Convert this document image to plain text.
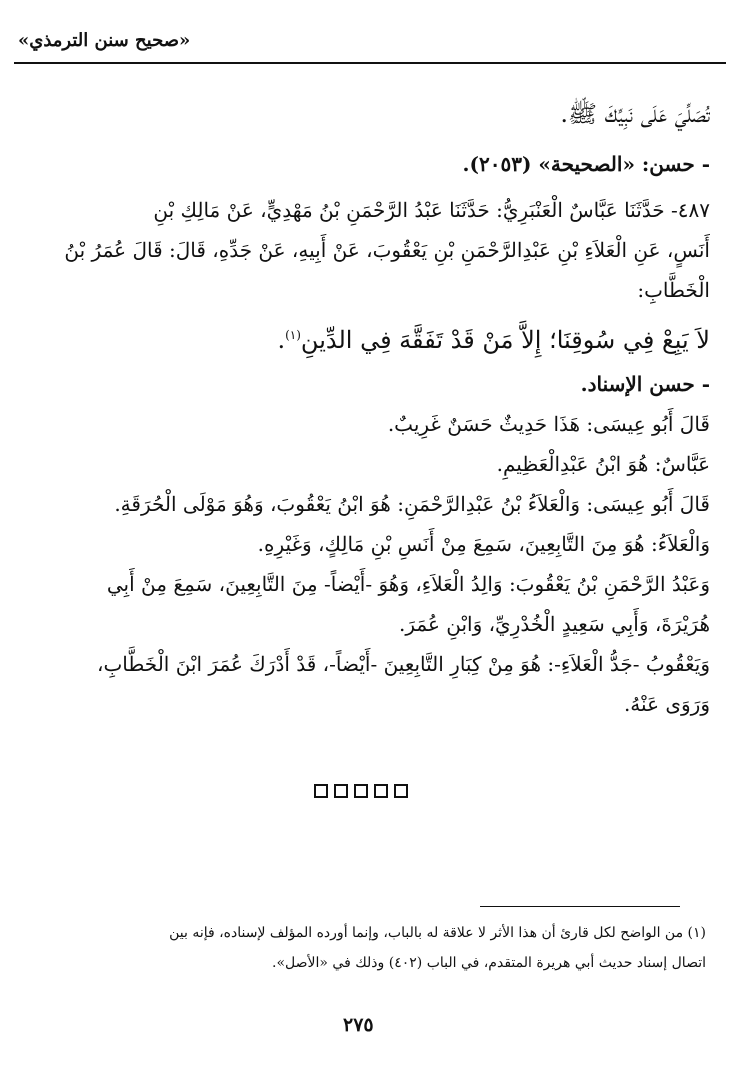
«صحيح سنن الترمذي»

تُصَلِّيَ عَلَى نَبِيِّكَ ﷺ.

- حسن: «الصحيحة» (٢٠٥٣).

٤٨٧- حَدَّثَنَا عَبَّاسٌ الْعَنْبَرِيُّ: حَدَّثَنَا عَبْدُ الرَّحْمَنِ بْنُ مَهْدِيٍّ، عَنْ مَالِكِ بْنِ

أَنَسٍ، عَنِ الْعَلاَءِ بْنِ عَبْدِالرَّحْمَنِ بْنِ يَعْقُوبَ، عَنْ أَبِيهِ، عَنْ جَدِّهِ، قَالَ: قَالَ عُمَرُ بْنُ

الْخَطَّابِ:

لاَ يَبِعْ فِي سُوقِنَا؛ إِلاَّ مَنْ قَدْ تَفَقَّهَ فِي الدِّينِ$^{(١)}$.

- حسن الإسناد.

قَالَ أَبُو عِيسَى: هَذَا حَدِيثٌ حَسَنٌ غَرِيبٌ.

عَبَّاسٌ: هُوَ ابْنُ عَبْدِالْعَظِيمِ.

قَالَ أَبُو عِيسَى: وَالْعَلاَءُ بْنُ عَبْدِالرَّحْمَنِ: هُوَ ابْنُ يَعْقُوبَ، وَهُوَ مَوْلَى الْحُرَقَةِ.

وَالْعَلاَءُ: هُوَ مِنَ التَّابِعِينَ، سَمِعَ مِنْ أَنَسِ بْنِ مَالِكٍ، وَغَيْرِهِ.

وَعَبْدُ الرَّحْمَنِ بْنُ يَعْقُوبَ: وَالِدُ الْعَلاَءِ، وَهُوَ -أَيْضاً- مِنَ التَّابِعِينَ، سَمِعَ مِنْ أَبِي

هُرَيْرَةَ، وَأَبِي سَعِيدٍ الْخُدْرِيِّ، وَابْنِ عُمَرَ.

وَيَعْقُوبُ -جَدُّ الْعَلاَءِ-: هُوَ مِنْ كِبَارِ التَّابِعِينَ -أَيْضاً-، قَدْ أَدْرَكَ عُمَرَ ابْنَ الْخَطَّابِ،

وَرَوَى عَنْهُ.

(١) من الواضح لكل قارئ أن هذا الأثر لا علاقة له بالباب، وإنما أورده المؤلف لإسناده، فإنه بين

اتصال إسناد حديث أبي هريرة المتقدم، في الباب (٤٠٢) وذلك في «الأصل».

٢٧٥
